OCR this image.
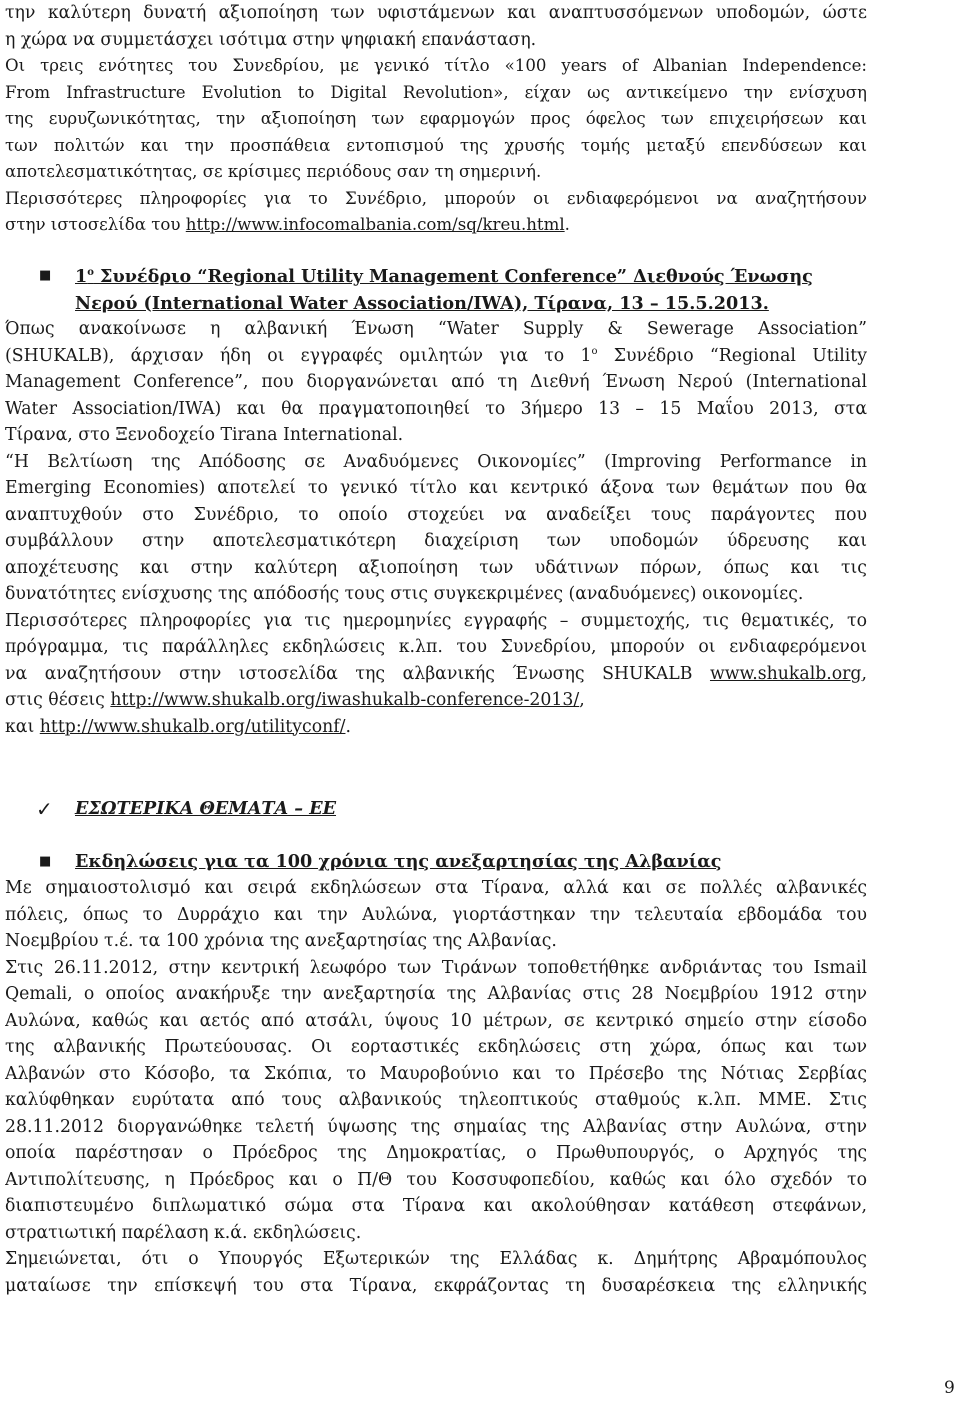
την καλύτερη δυνατή αξιοποίηση των υφιστάμενων και αναπτυσσόμενων υποδομών, ώστε
η χώρα να συμμετάσχει ισότιμα στην ψηφιακή επανάσταση.
Οι τρεις ενότητες του Συνεδρίου, με γενικό τίτλο «100 years of Albanian Independence:
From Infrastructure Evolution to Digital Revolution», είχαν ως αντικείμενο την ενίσχυση
της ευρυζωνικότητας, την αξιοποίηση των εφαρμογών προς όφελος των επιχειρήσεων και
των πολιτών και την προσπάθεια εντοπισμού της χρυσής τομής μεταξύ επενδύσεων και
αποτελεσματικότητας, σε κρίσιμες περιόδους σαν τη σημερινή.
Περισσότερες πληροφορίες για το Συνέδριο, μπορούν οι ενδιαφερόμενοι να αναζητήσουν
στην ιστοσελίδα του http://www.infocomalbania.com/sq/kreu.html.
■ $1^o$ Συνέδριο “Regional Utility Management Conference” Διεθνούς Ένωσης
Νερού (International Water Association/IWA), Τίρανα, 13 – 15.5.2013.
Όπως ανακοίνωσε η αλβανική Ένωση “Water Supply & Sewerage Association”
(SHUKALB), άρχισαν ήδη οι εγγραφές ομιλητών για το $1^o$ Συνέδριο “Regional Utility
Management Conference”, που διοργανώνεται από τη Διεθνή Ένωση Νερού (International
Water Association/IWA) και θα πραγματοποιηθεί το 3ήμερο 13 – 15 Μαΐου 2013, στα
Τίρανα, στο Ξενοδοχείο Tirana International.
“Η Βελτίωση της Απόδοσης σε Αναδυόμενες Οικονομίες” (Improving Performance in
Emerging Economies) αποτελεί το γενικό τίτλο και κεντρικό άξονα των θεμάτων που θα
αναπτυχθούν στο Συνέδριο, το οποίο στοχεύει να αναδείξει τους παράγοντες που
συμβάλλουν στην αποτελεσματικότερη διαχείριση των υποδομών ύδρευσης και
αποχέτευσης και στην καλύτερη αξιοποίηση των υδάτινων πόρων, όπως και τις
δυνατότητες ενίσχυσης της απόδοσής τους στις συγκεκριμένες (αναδυόμενες) οικονομίες.
Περισσότερες πληροφορίες για τις ημερομηνίες εγγραφής – συμμετοχής, τις θεματικές, το
πρόγραμμα, τις παράλληλες εκδηλώσεις κ.λπ. του Συνεδρίου, μπορούν οι ενδιαφερόμενοι
να αναζητήσουν στην ιστοσελίδα της αλβανικής Ένωσης SHUKALB www.shukalb.org,
στις θέσεις http://www.shukalb.org/iwashukalb-conference-2013/,
και http://www.shukalb.org/utilityconf/.
✓ ΕΣΩΤΕΡΙΚΑ ΘΕΜΑΤΑ – ΕΕ
■ Εκδηλώσεις για τα 100 χρόνια της ανεξαρτησίας της Αλβανίας
Με σημαιοστολισμό και σειρά εκδηλώσεων στα Τίρανα, αλλά και σε πολλές αλβανικές
πόλεις, όπως το Δυρράχιο και την Αυλώνα, γιορτάστηκαν την τελευταία εβδομάδα του
Νοεμβρίου τ.έ. τα 100 χρόνια της ανεξαρτησίας της Αλβανίας.
Στις 26.11.2012, στην κεντρική λεωφόρο των Τιράνων τοποθετήθηκε ανδριάντας του Ismail
Qemali, ο οποίος ανακήρυξε την ανεξαρτησία της Αλβανίας στις 28 Νοεμβρίου 1912 στην
Αυλώνα, καθώς και αετός από ατσάλι, ύψους 10 μέτρων, σε κεντρικό σημείο στην είσοδο
της αλβανικής Πρωτεύουσας. Οι εορταστικές εκδηλώσεις στη χώρα, όπως και των
Αλβανών στο Κόσοβο, τα Σκόπια, το Μαυροβούνιο και το Πρέσεβο της Νότιας Σερβίας
καλύφθηκαν ευρύτατα από τους αλβανικούς τηλεοπτικούς σταθμούς κ.λπ. ΜΜΕ. Στις
28.11.2012 διοργανώθηκε τελετή ύψωσης της σημαίας της Αλβανίας στην Αυλώνα, στην
οποία παρέστησαν ο Πρόεδρος της Δημοκρατίας, ο Πρωθυπουργός, ο Αρχηγός της
Αντιπολίτευσης, η Πρόεδρος και ο Π/Θ του Κοσσυφοπεδίου, καθώς και όλο σχεδόν το
διαπιστευμένο διπλωματικό σώμα στα Τίρανα και ακολούθησαν κατάθεση στεφάνων,
στρατιωτική παρέλαση κ.ά. εκδηλώσεις.
Σημειώνεται, ότι ο Υπουργός Εξωτερικών της Ελλάδας κ. Δημήτρης Αβραμόπουλος
ματαίωσε την επίσκεψή του στα Τίρανα, εκφράζοντας τη δυσαρέσκεια της ελληνικής
9
